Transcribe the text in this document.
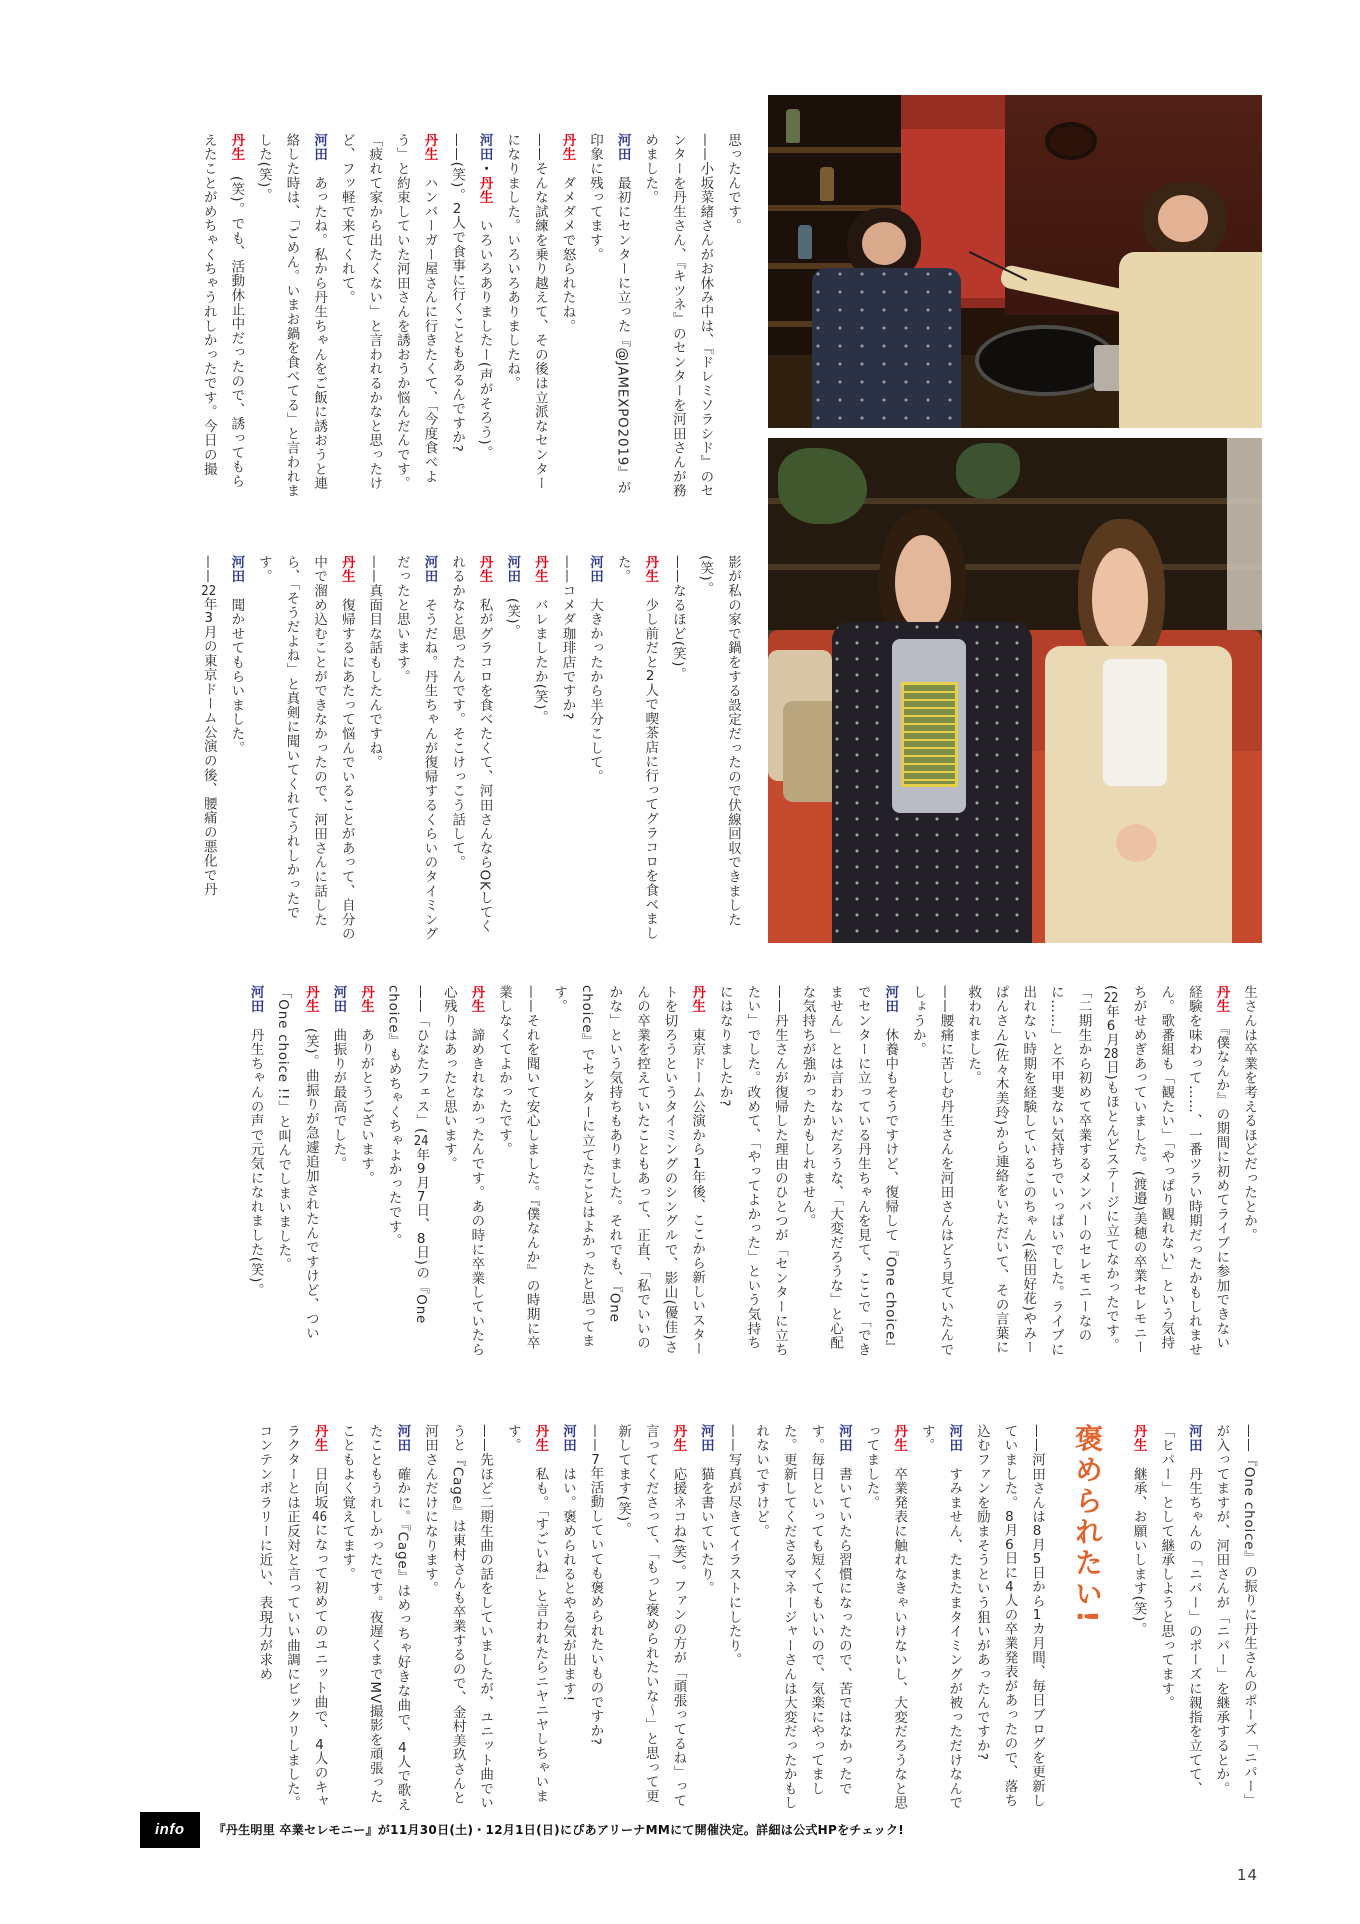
思ったんです。

——小坂菜緒さんがお休み中は、『ドレミソラシド』のセンターを丹生さん、『キツネ』のセンターを河田さんが務めました。

河田　最初にセンターに立った『@JAMEXPO2019』が印象に残ってます。

丹生　ダメダメで怒られたね。

——そんな試練を乗り越えて、その後は立派なセンターになりました。いろいろありましたね。

河田・丹生　いろいろありましたー(声がそろう)。

——(笑)。2人で食事に行くこともあるんですか?

丹生　ハンバーガー屋さんに行きたくて、「今度食べよう」と約束していた河田さんを誘おうか悩んだんです。「疲れて家から出たくない」と言われるかなと思ったけど、フッ軽で来てくれて。

河田　あったね。私から丹生ちゃんをご飯に誘おうと連絡した時は、「ごめん。いまお鍋を食べてる」と言われました(笑)。

丹生　(笑)。でも、活動休止中だったので、誘ってもらえたことがめちゃくちゃうれしかったです。今日の撮

影が私の家で鍋をする設定だったので伏線回収できました(笑)。

——なるほど(笑)。

丹生　少し前だと2人で喫茶店に行ってグラコロを食べました。

河田　大きかったから半分こして。

——コメダ珈琲店ですか?

丹生　バレましたか(笑)。

河田　(笑)。

丹生　私がグラコロを食べたくて、河田さんならOKしてくれるかなと思ったんです。そこけっこう話して。

河田　そうだね。丹生ちゃんが復帰するくらいのタイミングだったと思います。

——真面目な話もしたんですね。

丹生　復帰するにあたって悩んでいることがあって、自分の中で溜め込むことができなかったので、河田さんに話したら、「そうだよね」と真剣に聞いてくれてうれしかったです。

河田　聞かせてもらいました。

——22年3月の東京ドーム公演の後、腰痛の悪化で丹

生さんは卒業を考えるほどだったとか。

丹生　『僕なんか』の期間に初めてライブに参加できない経験を味わって……、一番ツラい時期だったかもしれません。歌番組も「観たい」「やっぱり観れない」という気持ちがせめぎあっていました。(渡邉)美穂の卒業セレモニー(22年6月28日)もほとんどステージに立てなかったです。「二期生から初めて卒業するメンバーのセレモニーなのに……」と不甲斐ない気持ちでいっぱいでした。ライブに出れない時期を経験しているこのちゃん(松田好花)やみーぱんさん(佐々木美玲)から連絡をいただいて、その言葉に救われました。

——腰痛に苦しむ丹生さんを河田さんはどう見ていたんでしょうか。

河田　休養中もそうですけど、復帰して『One choice』でセンターに立っている丹生ちゃんを見て、ここで「できません」とは言わないだろうな、「大変だろうな」と心配な気持ちが強かったかもしれません。

——丹生さんが復帰した理由のひとつが「センターに立ちたい」でした。改めて、「やってよかった」という気持ちにはなりましたか?

丹生　東京ドーム公演から1年後、ここから新しいスタートを切ろうというタイミングのシングルで、影山(優佳)さんの卒業を控えていたこともあって、正直、「私でいいのかな」という気持ちもありました。それでも、『One choice』でセンターに立てたことはよかったと思ってます。

——それを聞いて安心しました。『僕なんか』の時期に卒業しなくてよかったです。

丹生　諦めきれなかったんです。あの時に卒業していたら心残りはあったと思います。

——「ひなたフェス」(24年9月7日、8日)の『One choice』もめちゃくちゃよかったです。

丹生　ありがとうございます。

河田　曲振りが最高でした。

丹生　(笑)。曲振りが急遽追加されたんですけど、つい「One choice !!」と叫んでしまいました。

河田　丹生ちゃんの声で元気になれました(笑)。

——『One choice』の振りに丹生さんのポーズ「ニパー」が入ってますが、河田さんが「ニパー」を継承するとか。

河田　丹生ちゃんの「ニパー」のポーズに親指を立てて、「ヒパー」として継承しようと思ってます。

丹生　継承、お願いします(笑)。

褒められたい!

——河田さんは8月5日から1カ月間、毎日ブログを更新していました。8月6日に4人の卒業発表があったので、落ち込むファンを励まそうという狙いがあったんですか?

河田　すみません、たまたまタイミングが被っただけなんです。

丹生　卒業発表に触れなきゃいけないし、大変だろうなと思ってました。

河田　書いていたら習慣になったので、苦ではなかったです。毎日といっても短くてもいいので、気楽にやってました。更新してくださるマネージャーさんは大変だったかもしれないですけど。

——写真が尽きてイラストにしたり。

河田　猫を書いていたり。

丹生　応援ネコね(笑)。ファンの方が「頑張ってるね」って言ってくださって、「もっと褒められたいな〜」と思って更新してます(笑)。

——7年活動していても褒められたいものですか?

河田　はい。褒められるとやる気が出ます!

丹生　私も。「すごいね」と言われたらニヤニヤしちゃいます。

——先ほど二期生曲の話をしていましたが、ユニット曲でいうと『Cage』は東村さんも卒業するので、金村美玖さんと河田さんだけになります。

河田　確かに。『Cage』はめっちゃ好きな曲で、4人で歌えたこともうれしかったです。夜遅くまでMV撮影を頑張ったこともよく覚えてます。

丹生　日向坂46になって初めてのユニット曲で、4人のキャラクターとは正反対と言っていい曲調にビックリしました。コンテンポラリーに近い、表現力が求め

info	『丹生明里 卒業セレモニー』が11月30日(土)・12月1日(日)にぴあアリーナMMにて開催決定。詳細は公式HPをチェック!
14
